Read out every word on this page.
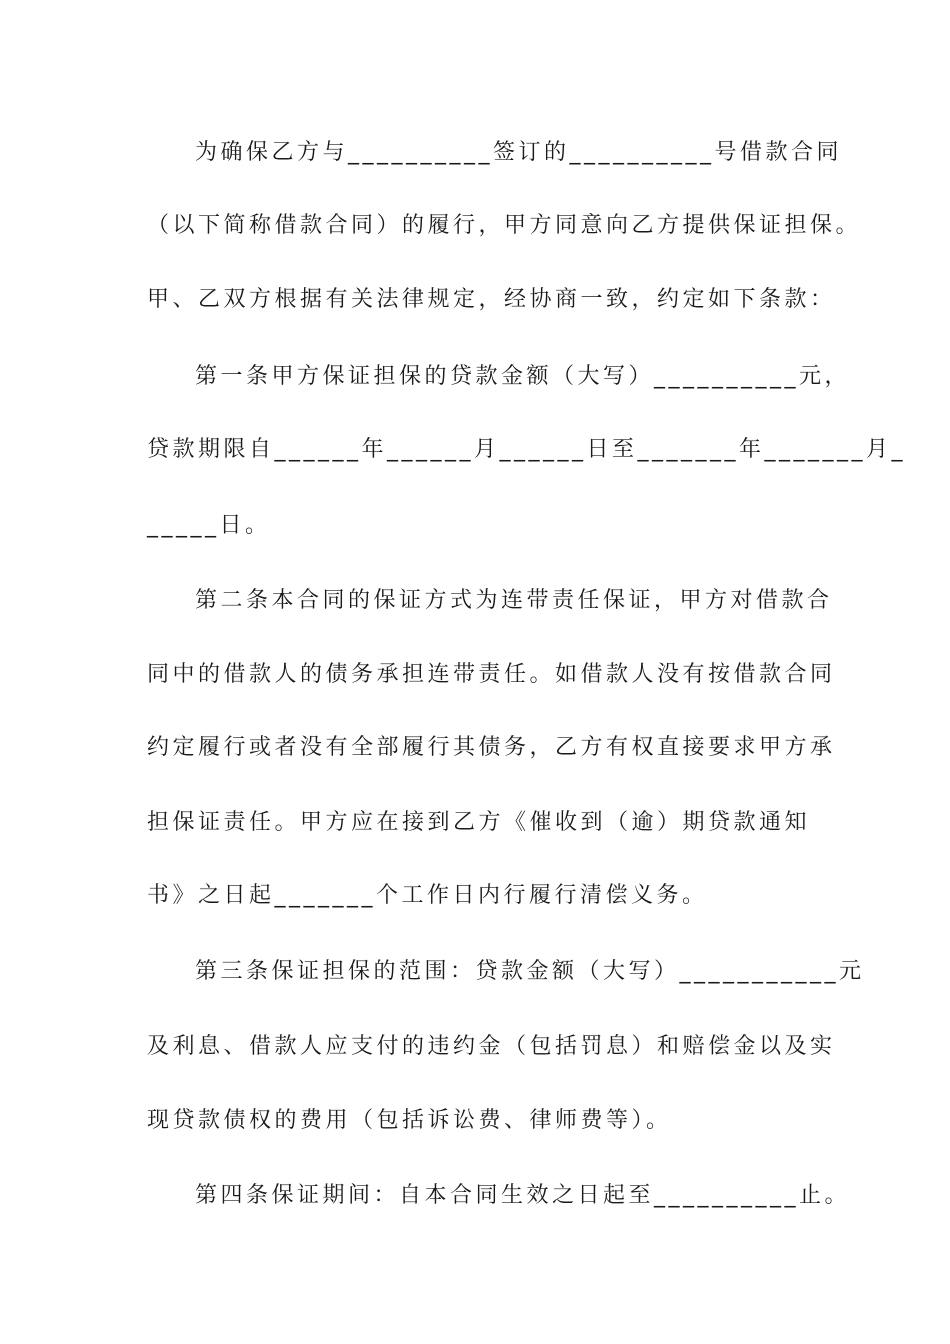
为确保乙方与__________签订的__________号借款合同
（以下简称借款合同）的履行，甲方同意向乙方提供保证担保。
甲、乙双方根据有关法律规定，经协商一致，约定如下条款：
第一条甲方保证担保的贷款金额（大写）__________元，
贷款期限自______年______月______日至_______年_______月_
_____日。
第二条本合同的保证方式为连带责任保证，甲方对借款合
同中的借款人的债务承担连带责任。如借款人没有按借款合同
约定履行或者没有全部履行其债务，乙方有权直接要求甲方承
担保证责任。甲方应在接到乙方《催收到（逾）期贷款通知
书》之日起_______个工作日内行履行清偿义务。
第三条保证担保的范围：贷款金额（大写）___________元
及利息、借款人应支付的违约金（包括罚息）和赔偿金以及实
现贷款债权的费用（包括诉讼费、律师费等）。
第四条保证期间：自本合同生效之日起至__________止。
